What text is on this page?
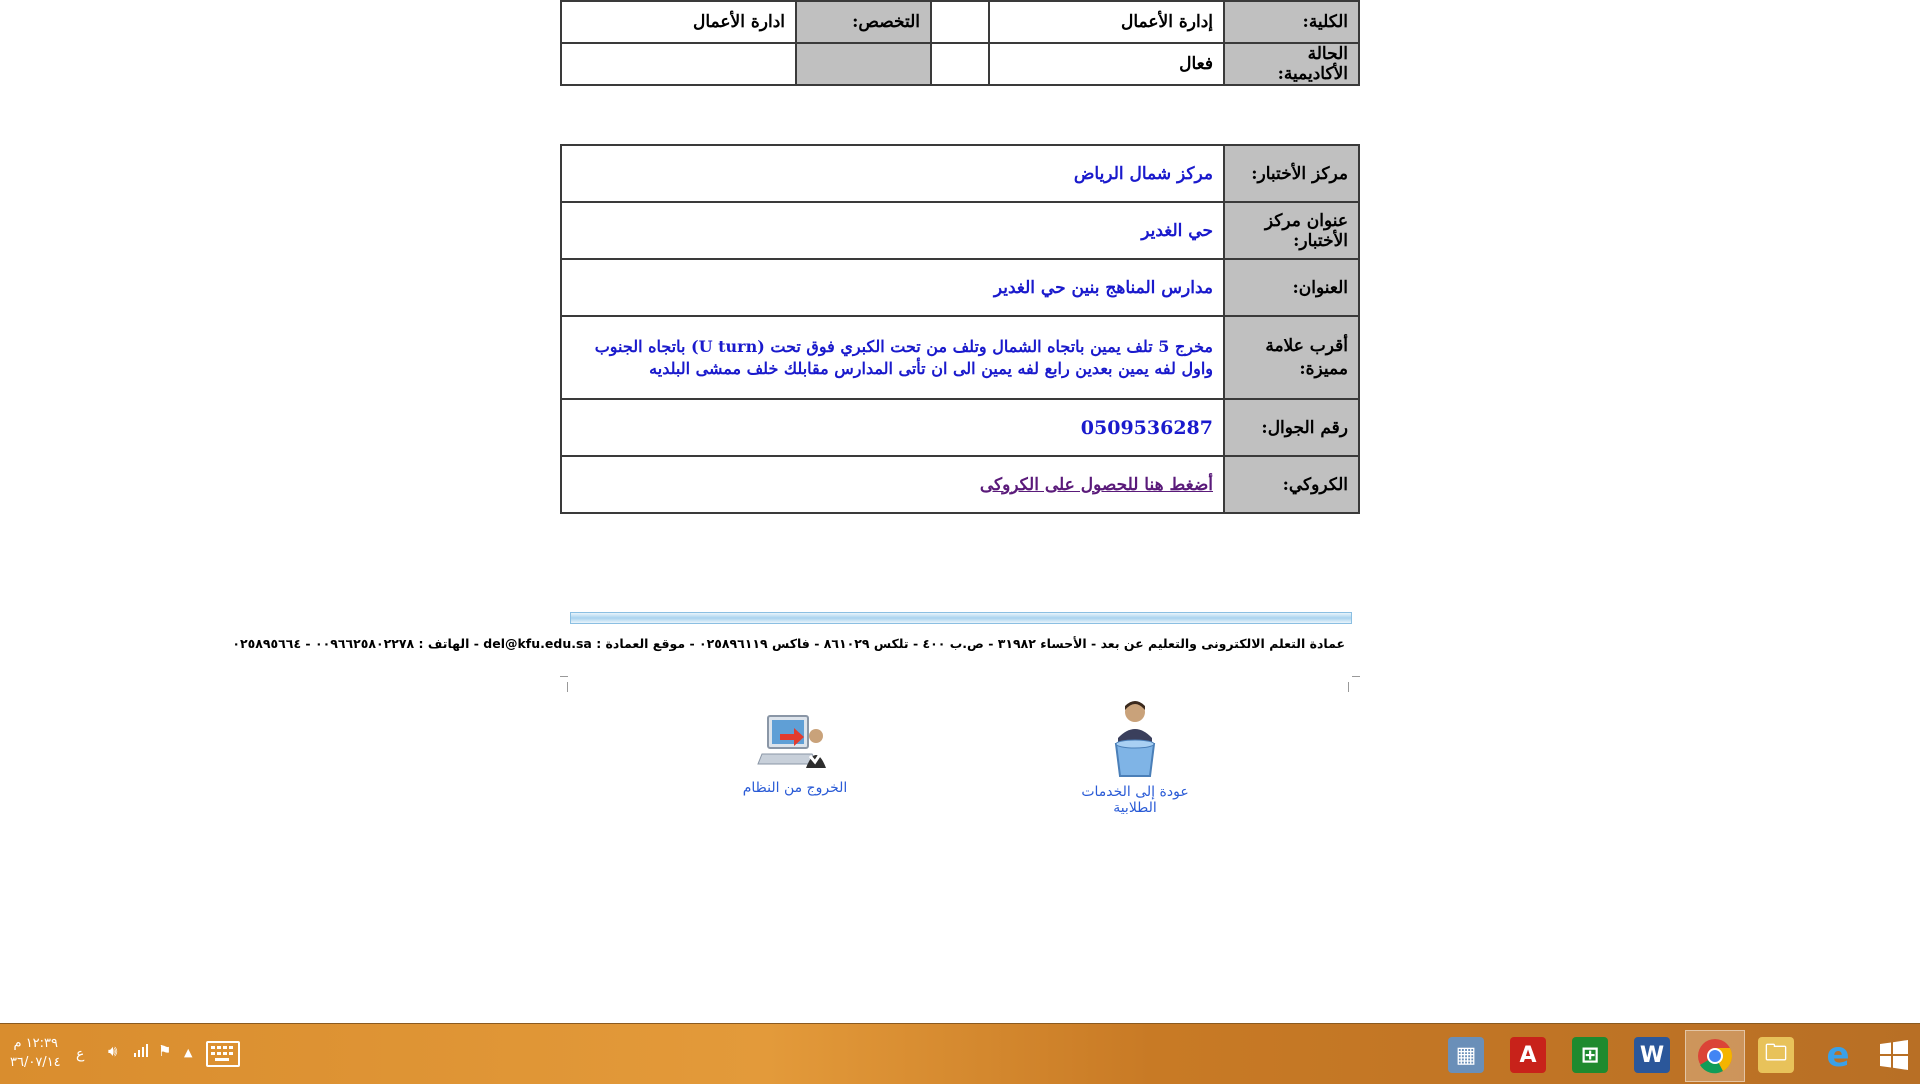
الكلية:	إدارة الأعمال		التخصص:	ادارة الأعمال
الحالة الأكاديمية:	فعال			
مركز الأختبار:	مركز شمال الرياض
عنوان مركز الأختبار:	حي الغدير
العنوان:	مدارس المناهج بنين حي الغدير
أقرب علامة مميزة:	مخرج 5 تلف يمين باتجاه الشمال وتلف من تحت الكبري فوق تحت (U turn) باتجاه الجنوب واول لفه يمين بعدين رابع لفه يمين الى ان تأتى المدارس مقابلك خلف ممشى البلديه
رقم الجوال:	0509536287
الكروكي:	أضغط هنا للحصول على الكروكى
عمادة التعلم الالكترونى والتعليم عن بعد - الأحساء ٣١٩٨٢ - ص.ب ٤٠٠ - تلكس ٨٦١٠٢٩ - فاكس ٠٢٥٨٩٦١١٩ - موقع العمادة : del@kfu.edu.sa - الهاتف : ٠٠٩٦٦٢٥٨٠٢٢٧٨ - ٠٢٥٨٩٥٦٦٤
عودة إلى الخدمات الطلابية
الخروج من النظام
١٢:٣٩ م
٣٦/٠٧/١٤
ع 🔊︎	⚑ ▲	▦	A	⊞	W	🗀 e
